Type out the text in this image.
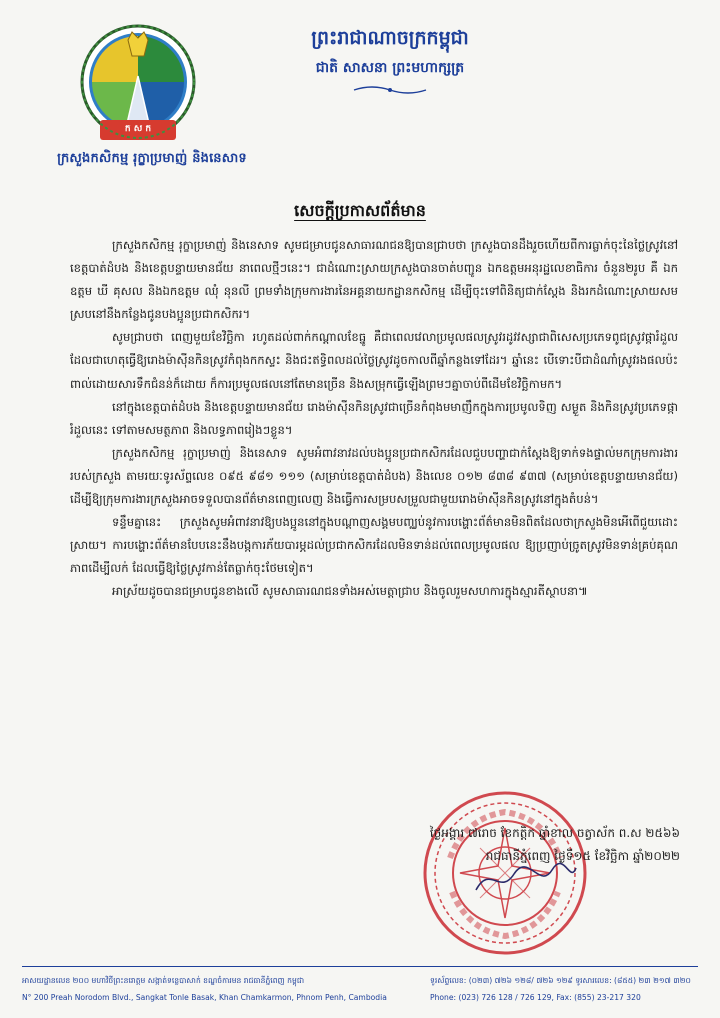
ក ស ក
ក្រសួងកសិកម្ម រុក្ខាប្រមាញ់ និងនេសាទ
ព្រះរាជាណាចក្រកម្ពុជា
ជាតិ សាសនា ព្រះមហាក្សត្រ
សេចក្ដីប្រកាសព័ត៌មាន

ក្រសួងកសិកម្ម រុក្ខាប្រមាញ់ និងនេសាទ សូមជម្រាបជូនសាធារណជនឱ្យបានជ្រាបថា ក្រសួងបានដឹងរួចហើយពីការធ្លាក់ចុះនៃថ្លៃស្រូវនៅខេត្តបាត់ដំបង និងខេត្តបន្ទាយមានជ័យ នាពេលថ្មីៗនេះ។ ជាដំណោះស្រាយក្រសួងបានចាត់បញ្ជូន ឯកឧត្តមអនុរដ្ឋលេខាធិការ ចំនួន២រូប គឺ ឯកឧត្តម ឃី គុសល និងឯកឧត្តម ឈុំ នុនលី ព្រមទាំងក្រុមការងារនៃអគ្គនាយកដ្ឋានកសិកម្ម ដើម្បីចុះទៅពិនិត្យជាក់ស្ដែង និងរកដំណោះស្រាយសមស្របនៅនឹងកន្លែងជូនបងប្អូនប្រជាកសិករ។

សូមជ្រាបថា ពេញមួយខែវិច្ឆិកា រហូតដល់ពាក់កណ្ដាលខែធ្នូ គឺជាពេលវេលាប្រមូលផលស្រូវរដូវវស្សាជាពិសេសប្រភេទពូជស្រូវផ្ការំដួល ដែលជាហេតុធ្វើឱ្យរោងម៉ាស៊ីនកិនស្រូវកំពុងកកស្ទះ និងជះឥទ្ធិពលដល់ថ្លៃស្រូវដូចកាលពីឆ្នាំកន្លងទៅដែរ។ ឆ្នាំនេះ បើទោះបីជាដំណាំស្រូវរងផលប៉ះពាល់ដោយសារទឹកជំនន់ក៏ដោយ ក៏ការប្រមូលផលនៅតែមានច្រើន និងសម្រុកធ្វើឡើងព្រមៗគ្នាចាប់ពីដើមខែវិច្ឆិកាមក។

នៅក្នុងខេត្តបាត់ដំបង និងខេត្តបន្ទាយមានជ័យ រោងម៉ាស៊ីនកិនស្រូវជាច្រើនកំពុងមមាញឹកក្នុងការប្រមូលទិញ សម្ងួត និងកិនស្រូវប្រភេទផ្ការំដួលនេះ ទៅតាមសមត្ថភាព និងលទ្ធភាពរៀងៗខ្លួន។

ក្រសួងកសិកម្ម រុក្ខាប្រមាញ់ និងនេសាទ សូមអំពាវនាវដល់បងប្អូនប្រជាកសិករដែលជួបបញ្ហាជាក់ស្ដែងឱ្យទាក់ទងផ្ទាល់មកក្រុមការងាររបស់ក្រសួង តាមរយៈទូរស័ព្ទលេខ ០៩៥ ៩៨១ ១១១ (សម្រាប់ខេត្តបាត់ដំបង) និងលេខ ០១២ ៨៣៨ ៩៣៧ (សម្រាប់ខេត្តបន្ទាយមានជ័យ) ដើម្បីឱ្យក្រុមការងារក្រសួងអាចទទួលបានព័ត៌មានពេញលេញ និងធ្វើការសម្របសម្រួលជាមួយរោងម៉ាស៊ីនកិនស្រូវនៅក្នុងតំបន់។

ទន្ទឹមគ្នានេះ ក្រសួងសូមអំពាវនាវឱ្យបងប្អូននៅក្នុងបណ្ដាញសង្គមបញ្ឈប់នូវការបង្ហោះព័ត៌មានមិនពិតដែលថាក្រសួងមិនអើពើជួយដោះស្រាយ។ ការបង្ហោះព័ត៌មានបែបនេះនឹងបង្កការភ័យបារម្ភដល់ប្រជាកសិករដែលមិនទាន់ដល់ពេលប្រមូលផល ឱ្យប្រញាប់ច្រូតស្រូវមិនទាន់គ្រប់គុណភាពដើម្បីលក់ ដែលធ្វើឱ្យថ្លៃស្រូវកាន់តែធ្លាក់ចុះថែមទៀត។

អាស្រ័យដូចបានជម្រាបជូនខាងលើ សូមសាធារណជនទាំងអស់មេត្តាជ្រាប និងចូលរួមសហការក្នុងស្មារតីស្ថាបនា៕

ថ្ងៃអង្គារ ៧រោច ខែកត្តិក ឆ្នាំខាល ចត្វាស័ក ព.ស ២៥៦៦
រាជធានីភ្នំពេញ ថ្ងៃទី១៥ ខែវិច្ឆិកា ឆ្នាំ២០២២
អាសយដ្ឋានលេខ ២០០ មហាវិថីព្រះនរោត្តម សង្កាត់ទន្លេបាសាក់ ខណ្ឌចំការមន រាជធានីភ្នំពេញ កម្ពុជា
N° 200 Preah Norodom Blvd., Sangkat Tonle Basak, Khan Chamkarmon, Phnom Penh, Cambodia
ទូរស័ព្ទលេខ: (០២៣) ៧២៦ ១២៨/ ៧២៦ ១២៩ ទូរសារលេខ: (៨៥៥) ២៣ ២១៧ ៣២០
Phone: (023) 726 128 / 726 129, Fax: (855) 23-217 320
